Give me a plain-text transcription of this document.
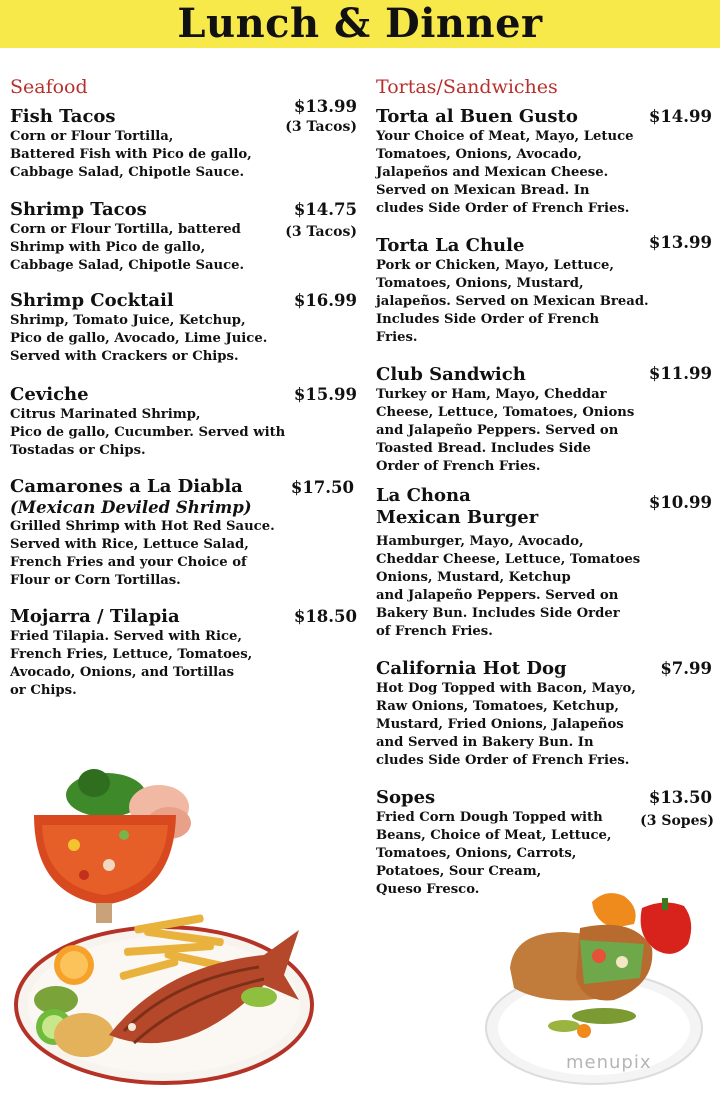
Lunch & Dinner
Seafood	Tortas/Sandwiches
Fish Tacos
Corn or Flour Tortilla,
Battered Fish with Pico de gallo,
Cabbage Salad, Chipotle Sauce.
$13.99
(3 Tacos)
Shrimp Tacos
Corn or Flour Tortilla, battered
Shrimp with Pico de gallo,
Cabbage Salad, Chipotle Sauce.
$14.75
(3 Tacos)
Shrimp Cocktail
Shrimp, Tomato Juice, Ketchup,
Pico de gallo, Avocado, Lime Juice.
Served with Crackers or Chips.
$16.99
Ceviche
Citrus Marinated Shrimp,
Pico de gallo, Cucumber. Served with
Tostadas or Chips.
$15.99
Camarones a La Diabla
(Mexican Deviled Shrimp)
Grilled Shrimp with Hot Red Sauce.
Served with Rice, Lettuce Salad,
French Fries and your Choice of
Flour or Corn Tortillas.
$17.50
Mojarra / Tilapia
Fried Tilapia. Served with Rice,
French Fries, Lettuce, Tomatoes,
Avocado, Onions, and Tortillas
or Chips.
$18.50
Torta al Buen Gusto
Your Choice of Meat, Mayo, Letuce
Tomatoes, Onions, Avocado,
Jalapeños and Mexican Cheese.
Served on Mexican Bread. In
cludes Side Order of French Fries.
$14.99
Torta La Chule
Pork or Chicken, Mayo, Lettuce,
Tomatoes, Onions, Mustard,
jalapeños. Served on Mexican Bread.
Includes Side Order of French
Fries.
$13.99
Club Sandwich
Turkey or Ham, Mayo, Cheddar
Cheese, Lettuce, Tomatoes, Onions
and Jalapeño Peppers. Served on
Toasted Bread. Includes Side
Order of French Fries.
$11.99
La Chona
Mexican Burger
Hamburger, Mayo, Avocado,
Cheddar Cheese, Lettuce, Tomatoes
Onions, Mustard, Ketchup
and Jalapeño Peppers. Served on
Bakery Bun. Includes Side Order
of French Fries.
$10.99
California Hot Dog
Hot Dog Topped with Bacon, Mayo,
Raw Onions, Tomatoes, Ketchup,
Mustard, Fried Onions, Jalapeños
and Served in Bakery Bun. In
cludes Side Order of French Fries.
$7.99
Sopes
Fried Corn Dough Topped with
Beans, Choice of Meat, Lettuce,
Tomatoes, Onions, Carrots,
Potatoes, Sour Cream,
Queso Fresco.
$13.50
(3 Sopes)
menupix
